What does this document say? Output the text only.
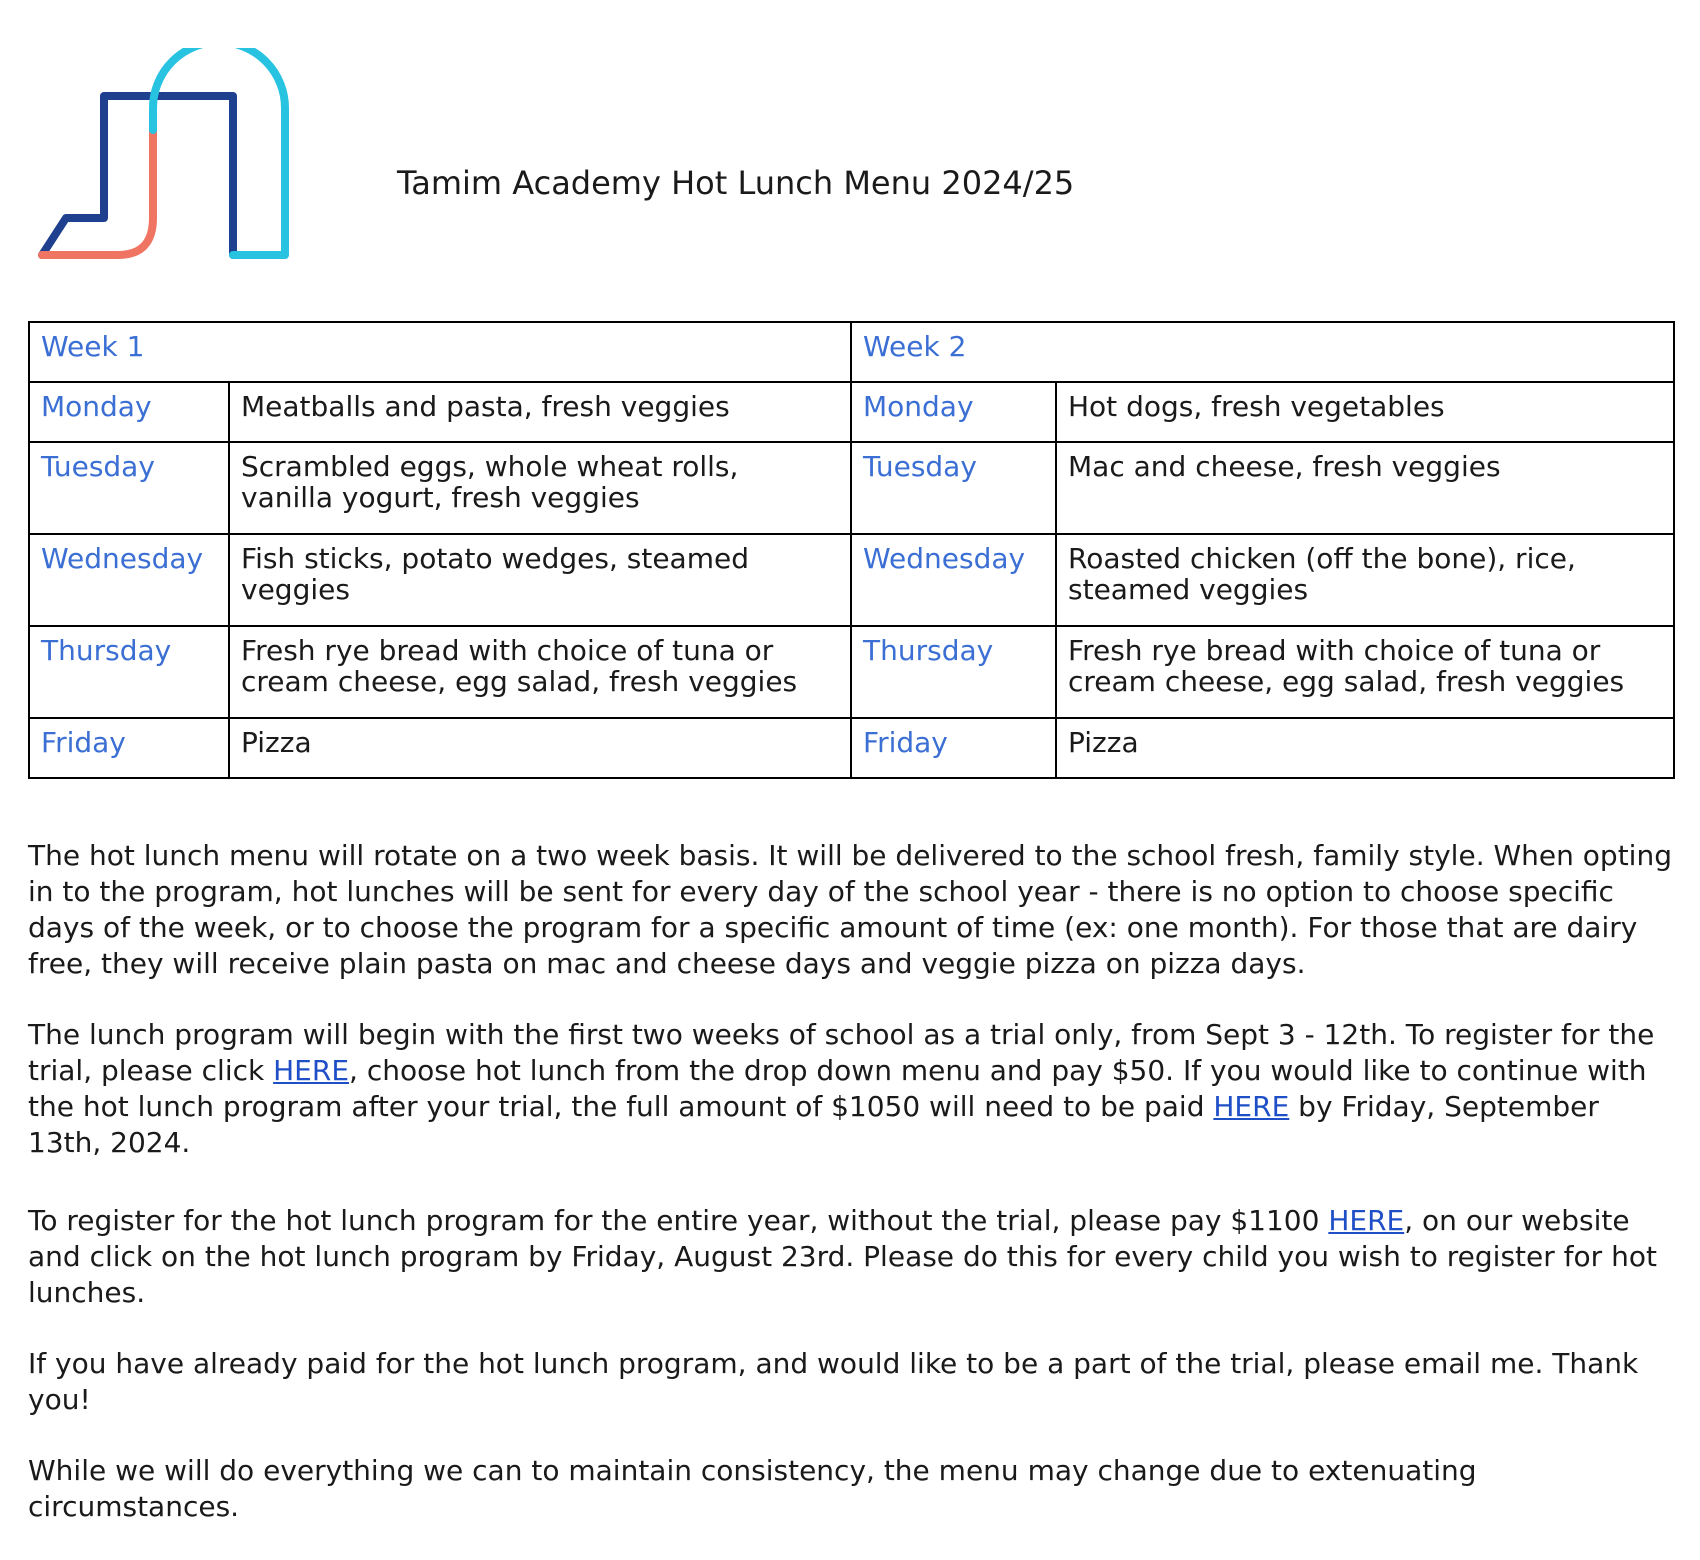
Tamim Academy Hot Lunch Menu 2024/25
Week 1		Week 2	
Monday	Meatballs and pasta, fresh veggies	Monday	Hot dogs, fresh vegetables
Tuesday	Scrambled eggs, whole wheat rolls, vanilla yogurt, fresh veggies	Tuesday	Mac and cheese, fresh veggies
Wednesday	Fish sticks, potato wedges, steamed veggies	Wednesday	Roasted chicken (off the bone), rice, steamed veggies
Thursday	Fresh rye bread with choice of tuna or cream cheese, egg salad, fresh veggies	Thursday	Fresh rye bread with choice of tuna or cream cheese, egg salad, fresh veggies
Friday	Pizza	Friday	Pizza

The hot lunch menu will rotate on a two week basis. It will be delivered to the school fresh, family style. When opting in to the program, hot lunches will be sent for every day of the school year - there is no option to choose specific days of the week, or to choose the program for a specific amount of time (ex: one month). For those that are dairy free, they will receive plain pasta on mac and cheese days and veggie pizza on pizza days.

The lunch program will begin with the first two weeks of school as a trial only, from Sept 3 - 12th. To register for the trial, please click HERE, choose hot lunch from the drop down menu and pay $50. If you would like to continue with the hot lunch program after your trial, the full amount of $1050 will need to be paid HERE by Friday, September 13th, 2024.

To register for the hot lunch program for the entire year, without the trial, please pay $1100 HERE, on our website and click on the hot lunch program by Friday, August 23rd. Please do this for every child you wish to register for hot lunches.

If you have already paid for the hot lunch program, and would like to be a part of the trial, please email me. Thank you!

While we will do everything we can to maintain consistency, the menu may change due to extenuating circumstances.
